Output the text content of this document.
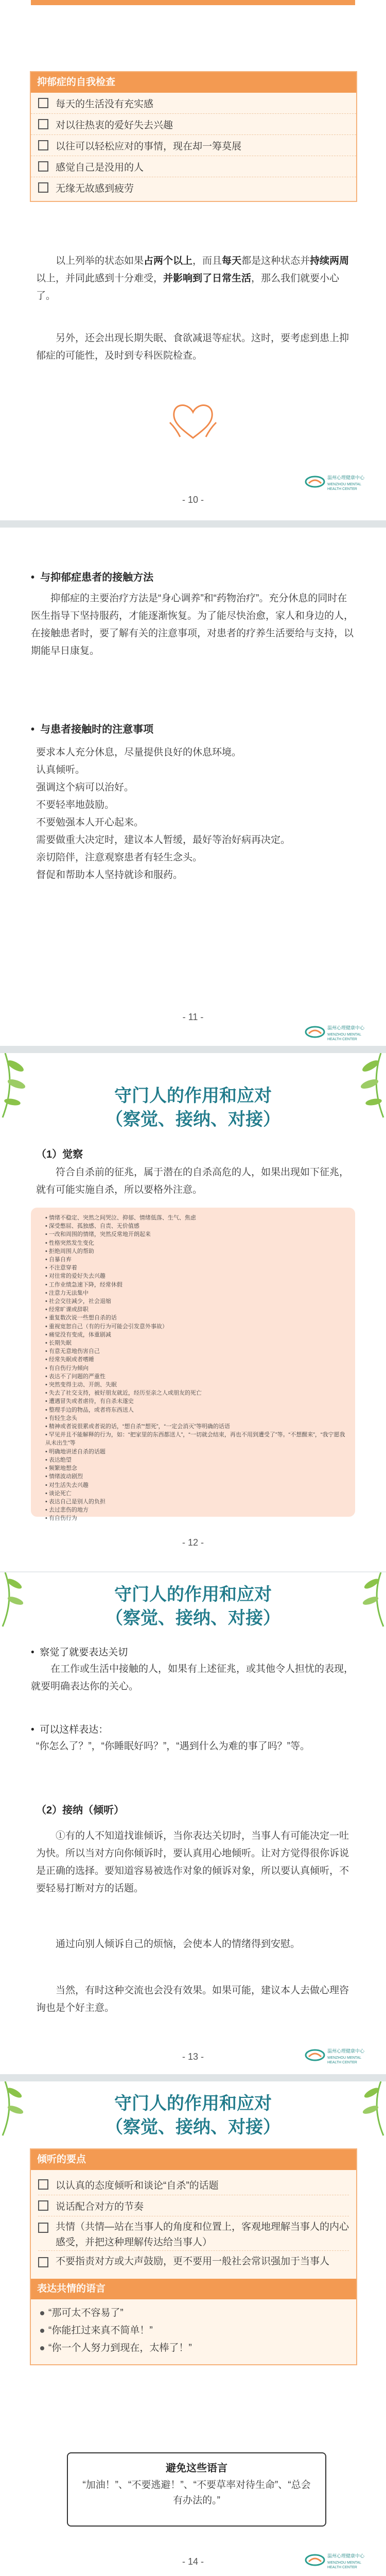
抑郁症的自我检查
每天的生活没有充实感
对以往热衷的爱好失去兴趣
以往可以轻松应对的事情，现在却一筹莫展
感觉自己是没用的人
无缘无故感到疲劳

以上列举的状态如果占两个以上，而且每天都是这种状态并持续两周以上，并同此感到十分难受，并影响到了日常生活，那么我们就要小心了。

另外，还会出现长期失眠、食欲减退等症状。这时，要考虑到患上抑郁症的可能性，及时到专科医院检查。

温州心理健康中心
WENZHOU MENTAL HEALTH CENTER
- 10 -
•  与抑郁症患者的接触方法

抑郁症的主要治疗方法是“身心调养”和“药物治疗”。充分休息的同时在医生指导下坚持服药，才能逐渐恢复。为了能尽快治愈，家人和身边的人，在接触患者时，要了解有关的注意事项，对患者的疗养生活要给与支持，以期能早日康复。

•  与患者接触时的注意事项

要求本人充分休息，尽量提供良好的休息环境。

认真倾听。

强调这个病可以治好。

不要轻率地鼓励。

不要勉强本人开心起来。

需要做重大决定时，建议本人暂缓，最好等治好病再决定。

亲切陪伴，注意观察患者有轻生念头。

督促和帮助本人坚持就诊和服药。

- 11 -
温州心理健康中心
WENZHOU MENTAL HEALTH CENTER
守门人的作用和应对
（察觉、接纳、对接）
（1）觉察

符合自杀前的征兆，属于潜在的自杀高危的人，如果出现如下征兆，就有可能实施自杀，所以要格外注意。

• 情绪不稳定、突然之间哭泣、抑郁、情绪低落、生气、焦虑
• 深受憋屈、孤独感、自责、无价值感
• 一改和周围的情绪，突然反常地开朗起来
• 性格突然发生变化
• 拒绝周围人的帮助
• 自暴自弃
• 不注意穿着
• 对往常的爱好失去兴趣
• 工作业绩急速下降，经常休假
• 注意力无法集中
• 社会交往减少，社会退缩
• 经常旷课或辞职
• 重复数次说一些想自杀的话
• 重视宽恕自己（有的行为可能会引发意外事故）
• 痛觉没有变成，体重剧减
• 长期失眠
• 有意无意地伤害自己
• 经常失眠或者嗜睡
• 有自伤行为倾向
• 表达不了问题的严重性
• 突然变得主动、开朗、失眠
• 失去了社交支持，被好朋友就近，经历至亲之人或朋友的死亡
• 遭遇冒失或者虐待，有自杀未遂史
• 整理手边的物品，或者将东西送人
• 有轻生念头
• 精神或者说很累或者说的话，“想自杀”“想死”，“一定会消灭”等明确的话语
• 罕见并且不能解释的行为，如：“把家里的东西都送人”，“一切就会结束，再也不用到遭受了”等。“不想醒来”，“我宁愿我从未出生”等
• 明确地讲述自杀的话题
• 表达绝望
• 频繁地想念
• 情绪波动剧烈
• 对生活失去兴趣
• 谈论死亡
• 表达自己是别人的负担
• 去过悲伤的地方
• 有自伤行为
- 12 -
守门人的作用和应对
（察觉、接纳、对接）
•  察觉了就要表达关切

在工作或生活中接触的人，如果有上述征兆，或其他令人担忧的表现，就要明确表达你的关心。

•  可以这样表达：

“你怎么了？”，“你睡眠好吗？”，“遇到什么为难的事了吗？”等。

（2）接纳（倾听）

①有的人不知道找谁倾诉，当你表达关切时，当事人有可能决定一吐为快。所以当对方向你倾诉时，要认真用心地倾听。让对方觉得很你诉说是正确的选择。要知道容易被选作对象的倾诉对象，所以要认真倾听，不要轻易打断对方的话题。

通过向别人倾诉自己的烦恼，会使本人的情绪得到安慰。

当然，有时这种交流也会没有效果。如果可能，建议本人去做心理咨询也是个好主意。

- 13 -
温州心理健康中心
WENZHOU MENTAL HEALTH CENTER
守门人的作用和应对
（察觉、接纳、对接）
倾听的要点
以认真的态度倾听和谈论“自杀”的话题
说话配合对方的节奏
共情（共情—站在当事人的角度和位置上，客观地理解当事人的内心感受，并把这种理解传达给当事人）
不要指责对方或大声鼓励，更不要用一般社会常识强加于当事人
表达共情的语言

“那可太不容易了”

“你能扛过来真不简单！”

“你一个人努力到现在，太棒了！”

避免这些语言

“加油！”、“不要逃避！”、“不要草率对待生命”、“总会有办法的。”

- 14 -
温州心理健康中心
WENZHOU MENTAL HEALTH CENTER
